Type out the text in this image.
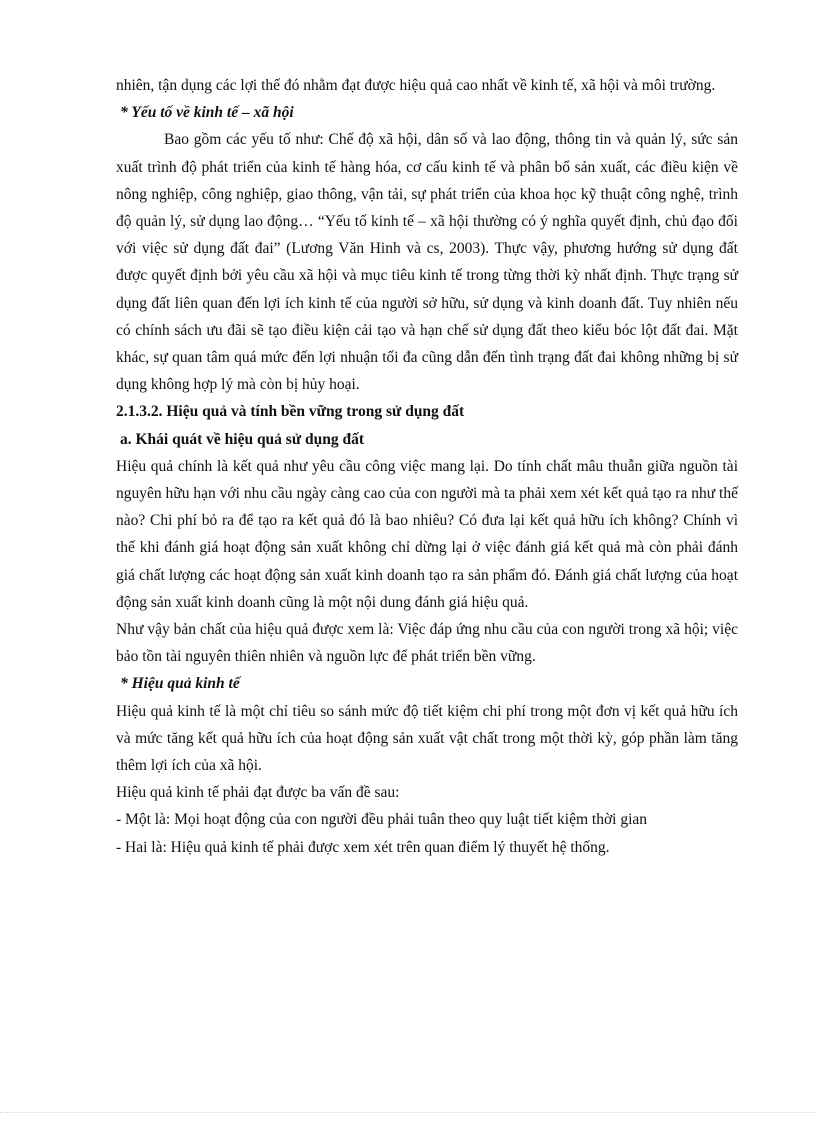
nhiên, tận dụng các lợi thế đó nhằm đạt được hiệu quả cao nhất về kinh tế, xã hội và môi trường.

* Yếu tố về kinh tế – xã hội

Bao gồm các yếu tố như: Chế độ xã hội, dân số và lao động, thông tin và quản lý, sức sản xuất trình độ phát triển của kinh tế hàng hóa, cơ cấu kinh tế và phân bổ sản xuất, các điều kiện về nông nghiệp, công nghiệp, giao thông, vận tải, sự phát triển của khoa học kỹ thuật công nghệ, trình độ quản lý, sử dụng lao động… “Yếu tố kinh tế – xã hội thường có ý nghĩa quyết định, chủ đạo đối với việc sử dụng đất đai” (Lương Văn Hinh và cs, 2003). Thực vậy, phương hướng sử dụng đất được quyết định bởi yêu cầu xã hội và mục tiêu kinh tế trong từng thời kỳ nhất định. Thực trạng sử dụng đất liên quan đến lợi ích kinh tế của người sở hữu, sử dụng và kinh doanh đất. Tuy nhiên nếu có chính sách ưu đãi sẽ tạo điều kiện cải tạo và hạn chế sử dụng đất theo kiểu bóc lột đất đai. Mặt khác, sự quan tâm quá mức đến lợi nhuận tối đa cũng dẫn đến tình trạng đất đai không những bị sử dụng không hợp lý mà còn bị hủy hoại.

2.1.3.2. Hiệu quả và tính bền vững trong sử dụng đất

a. Khái quát về hiệu quả sử dụng đất

Hiệu quả chính là kết quả như yêu cầu công việc mang lại. Do tính chất mâu thuẫn giữa nguồn tài nguyên hữu hạn với nhu cầu ngày càng cao của con người mà ta phải xem xét kết quả tạo ra như thế nào? Chi phí bỏ ra để tạo ra kết quả đó là bao nhiêu? Có đưa lại kết quả hữu ích không? Chính vì thế khi đánh giá hoạt động sản xuất không chỉ dừng lại ở việc đánh giá kết quả mà còn phải đánh giá chất lượng các hoạt động sản xuất kinh doanh tạo ra sản phẩm đó. Đánh giá chất lượng của hoạt động sản xuất kinh doanh cũng là một nội dung đánh giá hiệu quả.

Như vậy bản chất của hiệu quả được xem là: Việc đáp ứng nhu cầu của con người trong xã hội; việc bảo tồn tài nguyên thiên nhiên và nguồn lực để phát triển bền vững.

* Hiệu quả kinh tế

Hiệu quả kinh tế là một chỉ tiêu so sánh mức độ tiết kiệm chi phí trong một đơn vị kết quả hữu ích và mức tăng kết quả hữu ích của hoạt động sản xuất vật chất trong một thời kỳ, góp phần làm tăng thêm lợi ích của xã hội.

Hiệu quả kinh tế phải đạt được ba vấn đề sau:

- Một là: Mọi hoạt động của con người đều phải tuân theo quy luật tiết kiệm thời gian

- Hai là: Hiệu quả kinh tế phải được xem xét trên quan điểm lý thuyết hệ thống.
